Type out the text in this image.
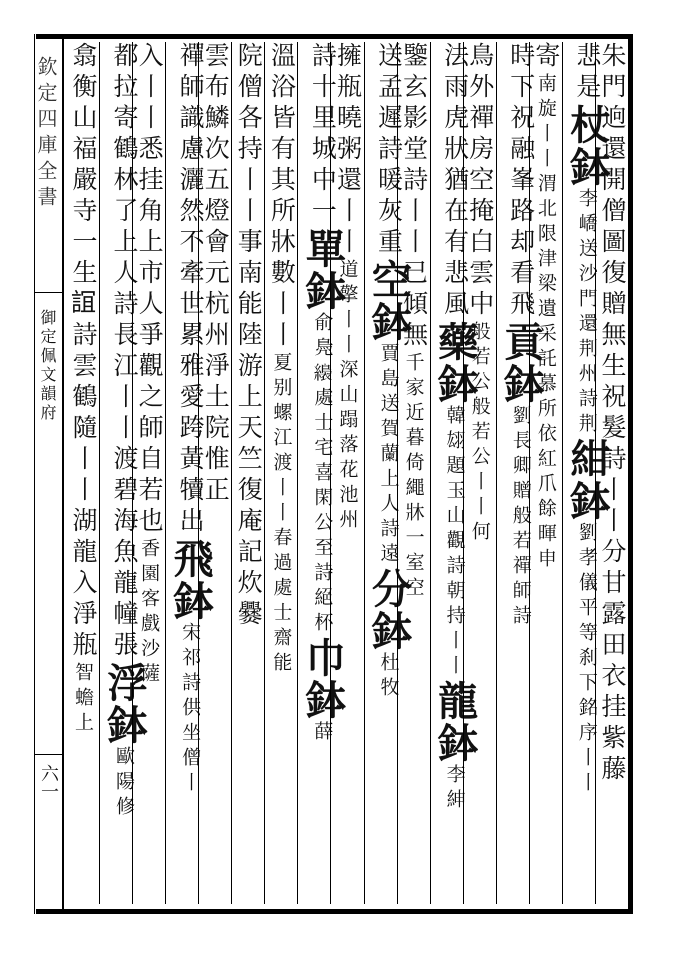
欽定四庫全書
御定佩文韻府
六一	朱門逈還開僧圖復贈無生祝髮詩丨丨分甘露田衣挂紫藤
悲是杖鉢李嶠送沙門還荆州詩荆紺鉢劉孝儀平等刹下銘序丨丨
寄南旋丨丨渭北限津梁遺采託慕所依紅爪餘暉申
時下祝融峯路却看飛貢鉢劉長卿贈般若禪師詩
鳥外禪房空掩白雲中般若公般若公丨丨何
法雨虎狀猶在有悲風藥鉢韓翃題玉山觀詩朝持丨丨龍鉢李紳
鑒玄影堂詩丨丨已傾無千家近暮倚繩牀一室空
送孟遲詩暖灰重空鉢賈島送賀蘭上人詩遠分鉢杜牧
擁瓶曉粥還丨丨道擎丨丨深山蹋落花池州
詩十里城中一單鉢俞鳧𦆚處士宅喜閑公至詩絕杯巾鉢薛
溫浴皆有其所牀數丨丨夏别螺江渡丨丨春過處士齋能
院僧各持丨丨事南能陸游上天竺復庵記炊爨
雲布鱗次五燈會元杭州淨土院惟正
禪師識慮灑然不牽世累雅愛跨黃犢出飛鉢宋祁詩供坐僧丨
入丨丨悉挂角上市人爭觀之師自若也香園客戲沙薩
都拉寄鶴林了上人詩長江丨丨渡碧海魚龍幢張浮鉢歐陽修
翕衡山福嚴寺一生𧨏詩雲鶴隨丨丨湖龍入淨瓶智蟾上
